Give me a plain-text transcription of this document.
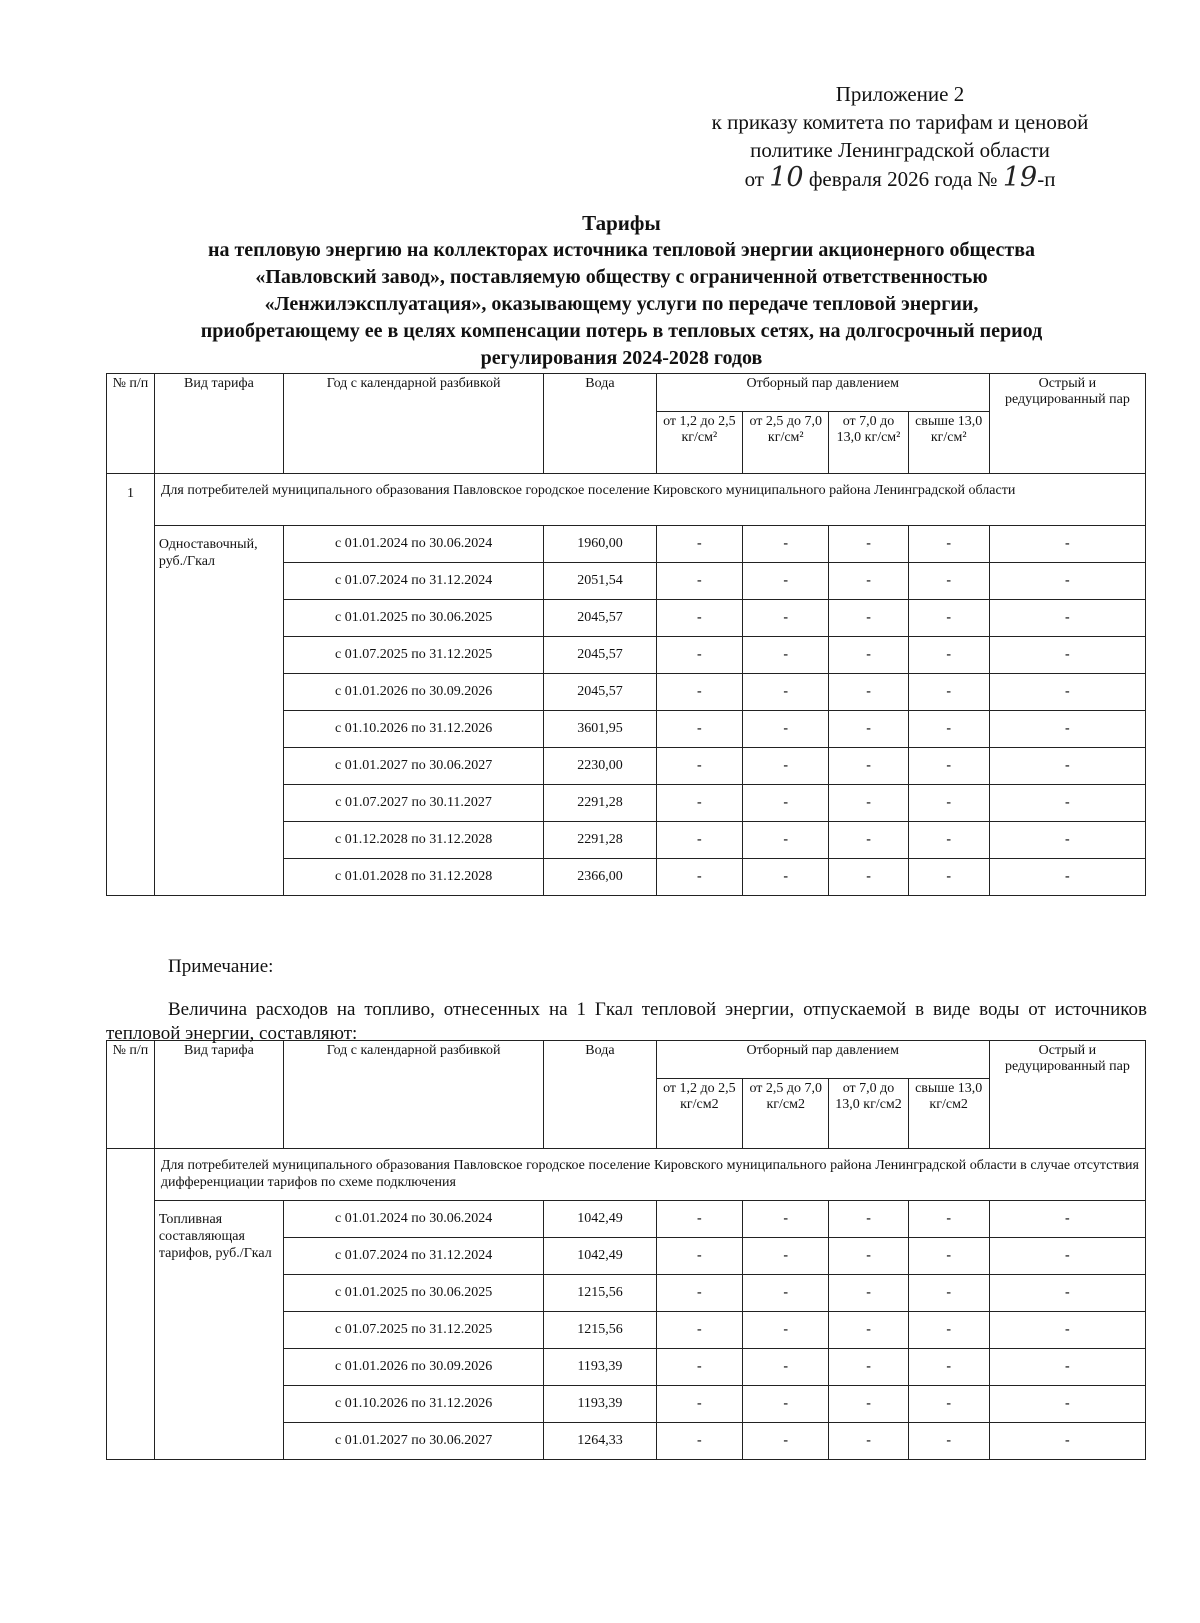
Приложение 2
к приказу комитета по тарифам и ценовой
политике Ленинградской области
от 10 февраля 2026 года № 19-п
Тарифы
на тепловую энергию на коллекторах источника тепловой энергии акционерного общества
«Павловский завод», поставляемую обществу с ограниченной ответственностью
«Ленжилэксплуатация», оказывающему услуги по передаче тепловой энергии,
приобретающему ее в целях компенсации потерь в тепловых сетях, на долгосрочный период
регулирования 2024-2028 годов
№ п/п	Вид тарифа	Год с календарной разбивкой	Вода	Отборный пар давлением				Острый и редуцированный пар
				от 1,2 до 2,5 кг/см²	от 2,5 до 7,0 кг/см²	от 7,0 до 13,0 кг/см²	свыше 13,0 кг/см²	
1	Для потребителей муниципального образования Павловское городское поселение Кировского муниципального района Ленинградской области							
	Одноставочный, руб./Гкал	с 01.01.2024 по 30.06.2024	1960,00	-	-	-	-	-
		с 01.07.2024 по 31.12.2024	2051,54	-	-	-	-	-
		с 01.01.2025 по 30.06.2025	2045,57	-	-	-	-	-
		с 01.07.2025 по 31.12.2025	2045,57	-	-	-	-	-
		с 01.01.2026 по 30.09.2026	2045,57	-	-	-	-	-
		с 01.10.2026 по 31.12.2026	3601,95	-	-	-	-	-
		с 01.01.2027 по 30.06.2027	2230,00	-	-	-	-	-
		с 01.07.2027 по 30.11.2027	2291,28	-	-	-	-	-
		с 01.12.2028 по 31.12.2028	2291,28	-	-	-	-	-
		с 01.01.2028 по 31.12.2028	2366,00	-	-	-	-	-
Примечание:
Величина расходов на топливо, отнесенных на 1 Гкал тепловой энергии, отпускаемой в виде воды от источников тепловой энергии, составляют:
№ п/п	Вид тарифа	Год с календарной разбивкой	Вода	Отборный пар давлением				Острый и редуцированный пар
				от 1,2 до 2,5 кг/см2	от 2,5 до 7,0 кг/см2	от 7,0 до 13,0 кг/см2	свыше 13,0 кг/см2	
	Для потребителей муниципального образования Павловское городское поселение Кировского муниципального района Ленинградской области в случае отсутствия дифференциации тарифов по схеме подключения							
	Топливная составляющая тарифов, руб./Гкал	с 01.01.2024 по 30.06.2024	1042,49	-	-	-	-	-
		с 01.07.2024 по 31.12.2024	1042,49	-	-	-	-	-
		с 01.01.2025 по 30.06.2025	1215,56	-	-	-	-	-
		с 01.07.2025 по 31.12.2025	1215,56	-	-	-	-	-
		с 01.01.2026 по 30.09.2026	1193,39	-	-	-	-	-
		с 01.10.2026 по 31.12.2026	1193,39	-	-	-	-	-
		с 01.01.2027 по 30.06.2027	1264,33	-	-	-	-	-
